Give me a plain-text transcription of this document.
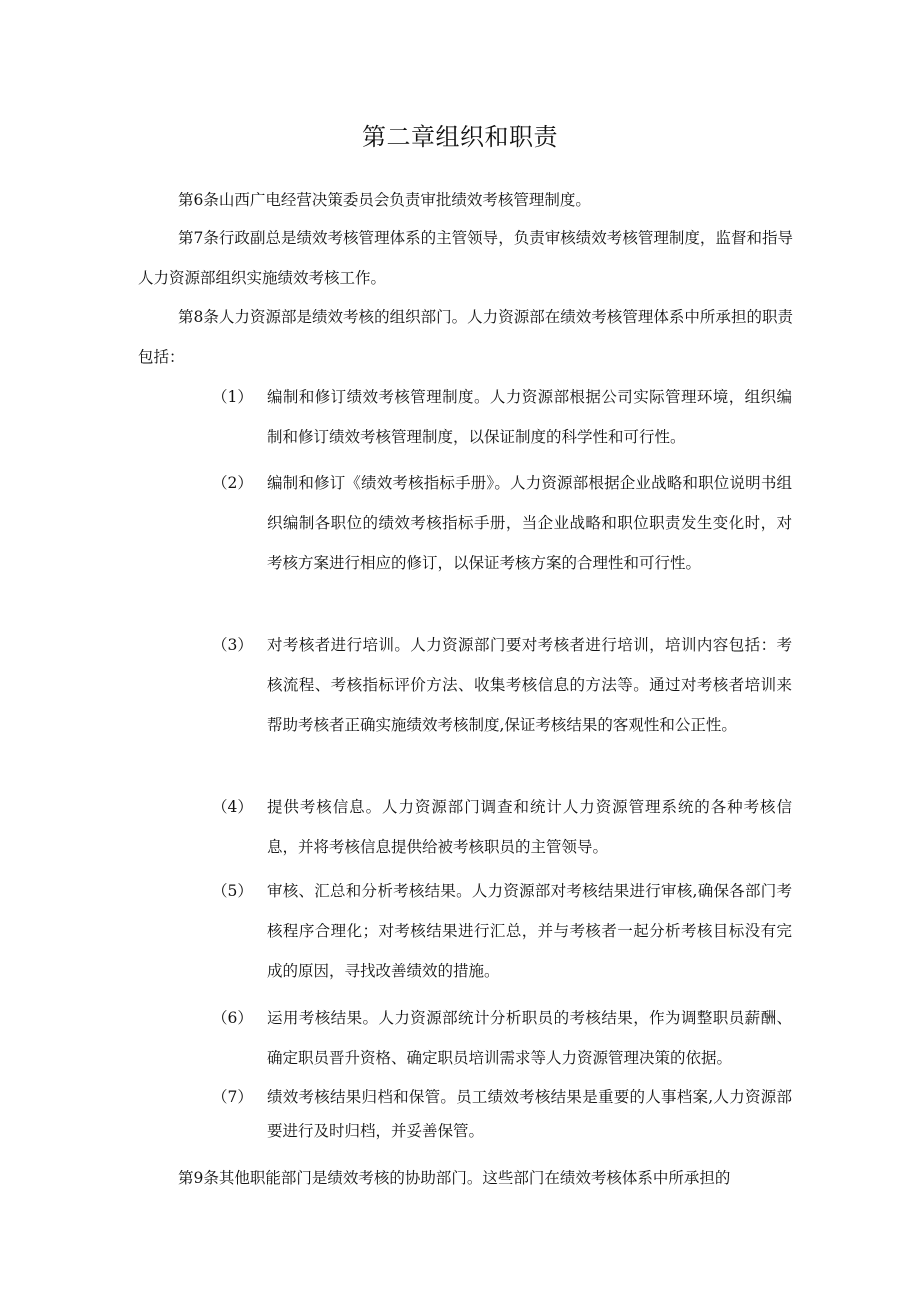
第二章组织和职责
第6条山西广电经营决策委员会负责审批绩效考核管理制度。
第7条行政副总是绩效考核管理体系的主管领导，负责审核绩效考核管理制度，监督和指导人力资源部组织实施绩效考核工作。
第8条人力资源部是绩效考核的组织部门。人力资源部在绩效考核管理体系中所承担的职责包括：
（1） 编制和修订绩效考核管理制度。人力资源部根据公司实际管理环境，组织编制和修订绩效考核管理制度，以保证制度的科学性和可行性。
（2） 编制和修订《绩效考核指标手册》。人力资源部根据企业战略和职位说明书组织编制各职位的绩效考核指标手册，当企业战略和职位职责发生变化时，对考核方案进行相应的修订，以保证考核方案的合理性和可行性。
（3） 对考核者进行培训。人力资源部门要对考核者进行培训，培训内容包括：考核流程、考核指标评价方法、收集考核信息的方法等。通过对考核者培训来帮助考核者正确实施绩效考核制度,保证考核结果的客观性和公正性。
（4） 提供考核信息。人力资源部门调查和统计人力资源管理系统的各种考核信息，并将考核信息提供给被考核职员的主管领导。
（5） 审核、汇总和分析考核结果。人力资源部对考核结果进行审核,确保各部门考核程序合理化；对考核结果进行汇总，并与考核者一起分析考核目标没有完成的原因，寻找改善绩效的措施。
（6） 运用考核结果。人力资源部统计分析职员的考核结果，作为调整职员薪酬、确定职员晋升资格、确定职员培训需求等人力资源管理决策的依据。
（7） 绩效考核结果归档和保管。员工绩效考核结果是重要的人事档案,人力资源部要进行及时归档，并妥善保管。
第9条其他职能部门是绩效考核的协助部门。这些部门在绩效考核体系中所承担的
